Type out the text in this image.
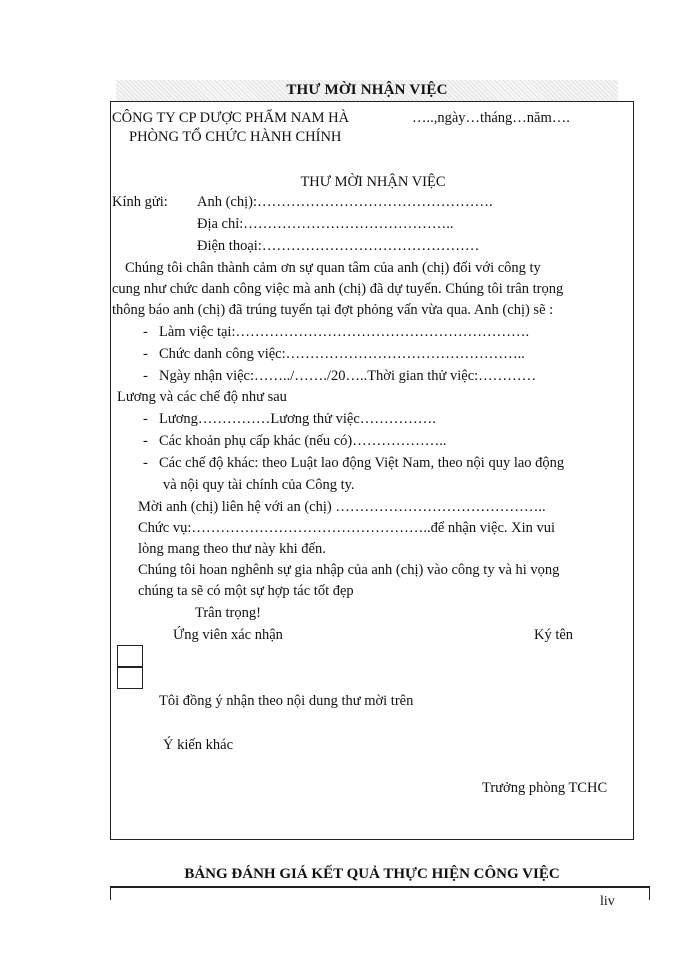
THƯ MỜI NHẬN VIỆC
CÔNG TY CP DƯỢC PHẨM NAM HÀ	…..,ngày…tháng…năm….
PHÒNG TỔ CHỨC HÀNH CHÍNH
THƯ MỜI NHẬN VIỆC
Kính gửi: Anh (chị):………………………………………….
Địa chỉ:……………………………………..
Điện thoại:………………………………………
Chúng tôi chân thành cảm ơn sự quan tâm của anh (chị) đối với công ty
cung như chức danh công việc mà anh (chị) đã dự tuyển. Chúng tôi trân trọng
thông báo anh (chị) đã trúng tuyển tại đợt phỏng vấn vừa qua. Anh (chị) sẽ :
- Làm việc tại:…………………………………………………….
- Chức danh công việc:…………………………………………..
- Ngày nhận việc:……../……./20…..Thời gian thử việc:…………
Lương và các chế độ như sau
- Lương……………Lương thử việc…………….
- Các khoản phụ cấp khác (nếu có)………………..
- Các chế độ khác: theo Luật lao động Việt Nam, theo nội quy lao động
và nội quy tài chính của Công ty.
Mời anh (chị) liên hệ với an (chị) ……………………………………..
Chức vụ:…………………………………………..để nhận việc. Xin vui
lòng mang theo thư này khi đến.
Chúng tôi hoan nghênh sự gia nhập của anh (chị) vào công ty và hi vọng
chúng ta sẽ có một sự hợp tác tốt đẹp
Trân trọng!
Ứng viên xác nhận	Ký tên
Tôi đồng ý nhận theo nội dung thư mời trên
Ý kiến khác
Trưởng phòng TCHC
BẢNG ĐÁNH GIÁ KẾT QUẢ THỰC HIỆN CÔNG VIỆC
liv
